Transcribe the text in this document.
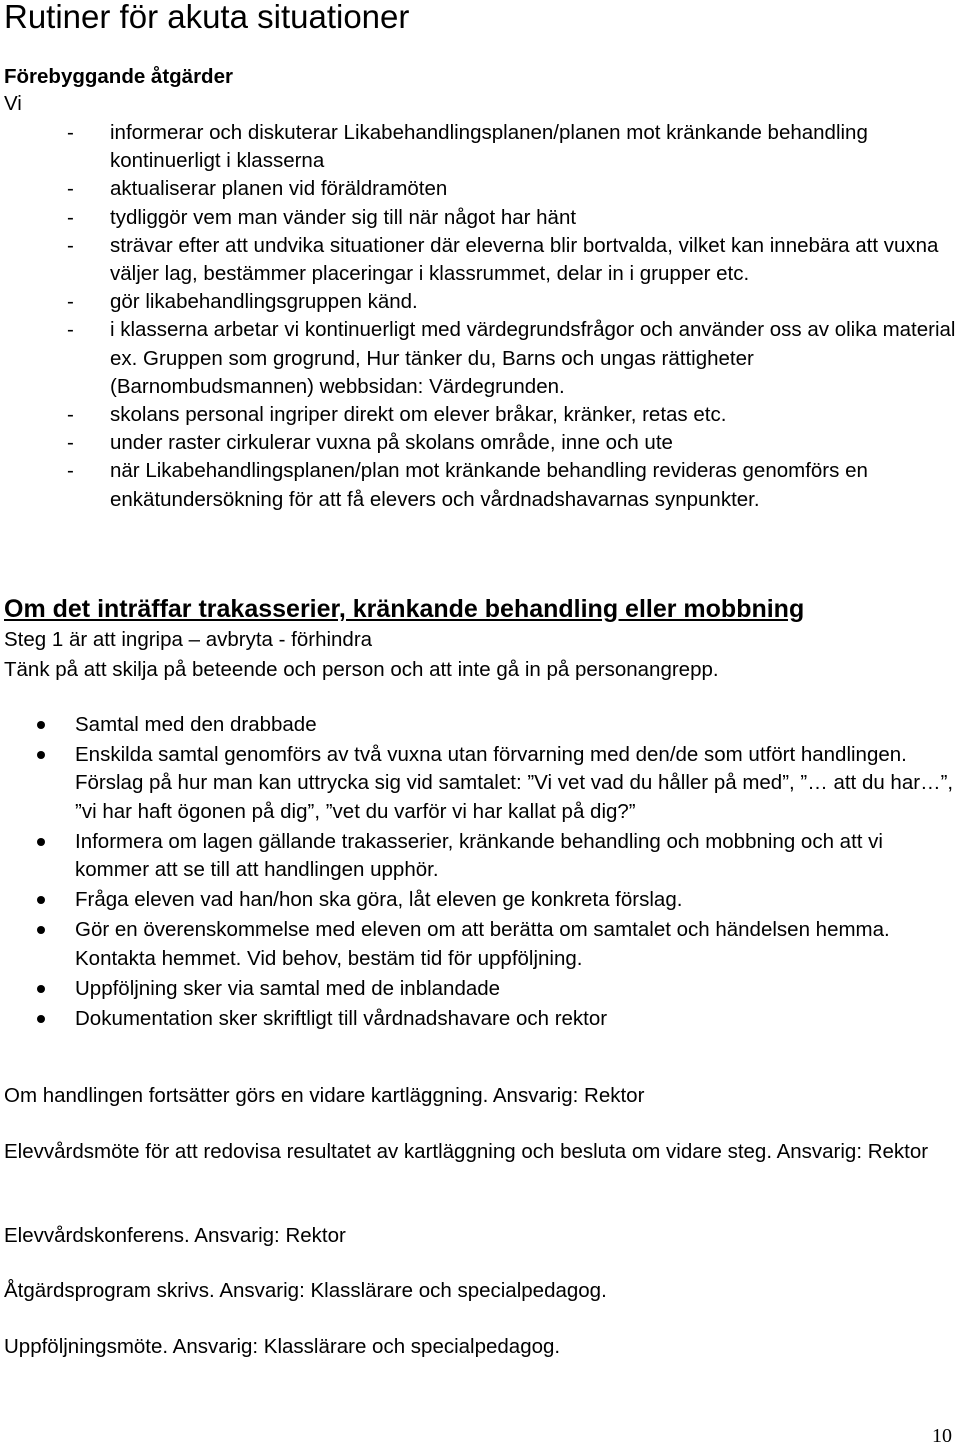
Rutiner för akuta situationer
Förebyggande åtgärder
Vi
- informerar och diskuterar Likabehandlingsplanen/planen mot kränkande behandling kontinuerligt i klasserna
- aktualiserar planen vid föräldramöten
- tydliggör vem man vänder sig till när något har hänt
- strävar efter att undvika situationer där eleverna blir bortvalda, vilket kan innebära att vuxna väljer lag, bestämmer placeringar i klassrummet, delar in i grupper etc.
- gör likabehandlingsgruppen känd.
- i klasserna arbetar vi kontinuerligt med värdegrundsfrågor och använder oss av olika material ex. Gruppen som grogrund, Hur tänker du, Barns och ungas rättigheter (Barnombudsmannen) webbsidan: Värdegrunden.
- skolans personal ingriper direkt om elever bråkar, kränker, retas etc.
- under raster cirkulerar vuxna på skolans område, inne och ute
- när Likabehandlingsplanen/plan mot kränkande behandling revideras genomförs en enkätundersökning för att få elevers och vårdnadshavarnas synpunkter.
Om det inträffar trakasserier, kränkande behandling eller mobbning
Steg 1 är att ingripa – avbryta - förhindra
Tänk på att skilja på beteende och person och att inte gå in på personangrepp.
Samtal med den drabbade
Enskilda samtal genomförs av två vuxna utan förvarning med den/de som utfört handlingen. Förslag på hur man kan uttrycka sig vid samtalet: ”Vi vet vad du håller på med”, ”… att du har…”, ”vi har haft ögonen på dig”, ”vet du varför vi har kallat på dig?”
Informera om lagen gällande trakasserier, kränkande behandling och mobbning och att vi kommer att se till att handlingen upphör.
Fråga eleven vad han/hon ska göra, låt eleven ge konkreta förslag.
Gör en överenskommelse med eleven om att berätta om samtalet och händelsen hemma. Kontakta hemmet. Vid behov, bestäm tid för uppföljning.
Uppföljning sker via samtal med de inblandade
Dokumentation sker skriftligt till vårdnadshavare och rektor
Om handlingen fortsätter görs en vidare kartläggning. Ansvarig: Rektor
Elevvårdsmöte för att redovisa resultatet av kartläggning och besluta om vidare steg. Ansvarig: Rektor
Elevvårdskonferens. Ansvarig: Rektor
Åtgärdsprogram skrivs. Ansvarig: Klasslärare och specialpedagog.
Uppföljningsmöte. Ansvarig: Klasslärare och specialpedagog.
10
